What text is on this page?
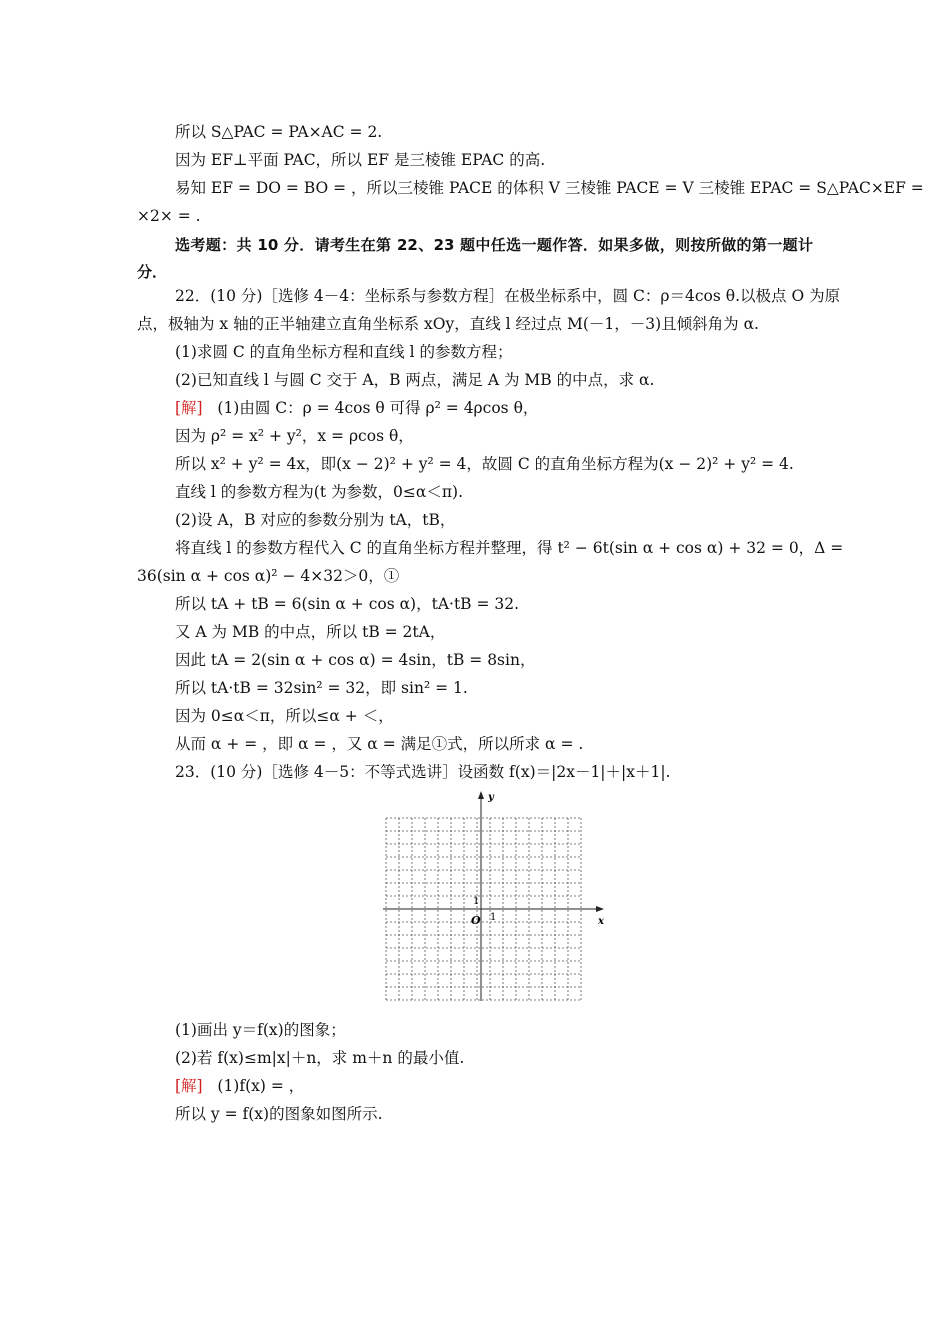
所以 S△PAC = PA×AC = 2.
因为 EF⊥平面 PAC，所以 EF 是三棱锥 EPAC 的高.
易知 EF = DO = BO = ，所以三棱锥 PACE 的体积 V 三棱锥 PACE = V 三棱锥 EPAC = S△PAC×EF =
×2× = .
选考题：共 10 分．请考生在第 22、23 题中任选一题作答．如果多做，则按所做的第一题计
分．
22．(10 分)［选修 4－4：坐标系与参数方程］在极坐标系中，圆 C：ρ＝4cos θ.以极点 O 为原
点，极轴为 x 轴的正半轴建立直角坐标系 xOy，直线 l 经过点 M(－1，－3)且倾斜角为 α.
(1)求圆 C 的直角坐标方程和直线 l 的参数方程；
(2)已知直线 l 与圆 C 交于 A，B 两点，满足 A 为 MB 的中点，求 α.
[解] (1)由圆 C：ρ = 4cos θ 可得 ρ² = 4ρcos θ，
因为 ρ² = x² + y²，x = ρcos θ，
所以 x² + y² = 4x，即(x − 2)² + y² = 4，故圆 C 的直角坐标方程为(x − 2)² + y² = 4.
直线 l 的参数方程为(t 为参数，0≤α＜π).
(2)设 A，B 对应的参数分别为 tA，tB，
将直线 l 的参数方程代入 C 的直角坐标方程并整理，得 t² − 6t(sin α + cos α) + 32 = 0，Δ =
36(sin α + cos α)² − 4×32＞0，①
所以 tA + tB = 6(sin α + cos α)，tA·tB = 32.
又 A 为 MB 的中点，所以 tB = 2tA，
因此 tA = 2(sin α + cos α) = 4sin，tB = 8sin，
所以 tA·tB = 32sin² = 32，即 sin² = 1.
因为 0≤α＜π，所以≤α + ＜，
从而 α + = ，即 α = ，又 α = 满足①式，所以所求 α = .
23．(10 分)［选修 4－5：不等式选讲］设函数 f(x)＝|2x－1|＋|x＋1|.
x
y
O 1
1
(1)画出 y＝f(x)的图象；
(2)若 f(x)≤m|x|＋n，求 m＋n 的最小值.
[解] (1)f(x) = ，
所以 y = f(x)的图象如图所示.
